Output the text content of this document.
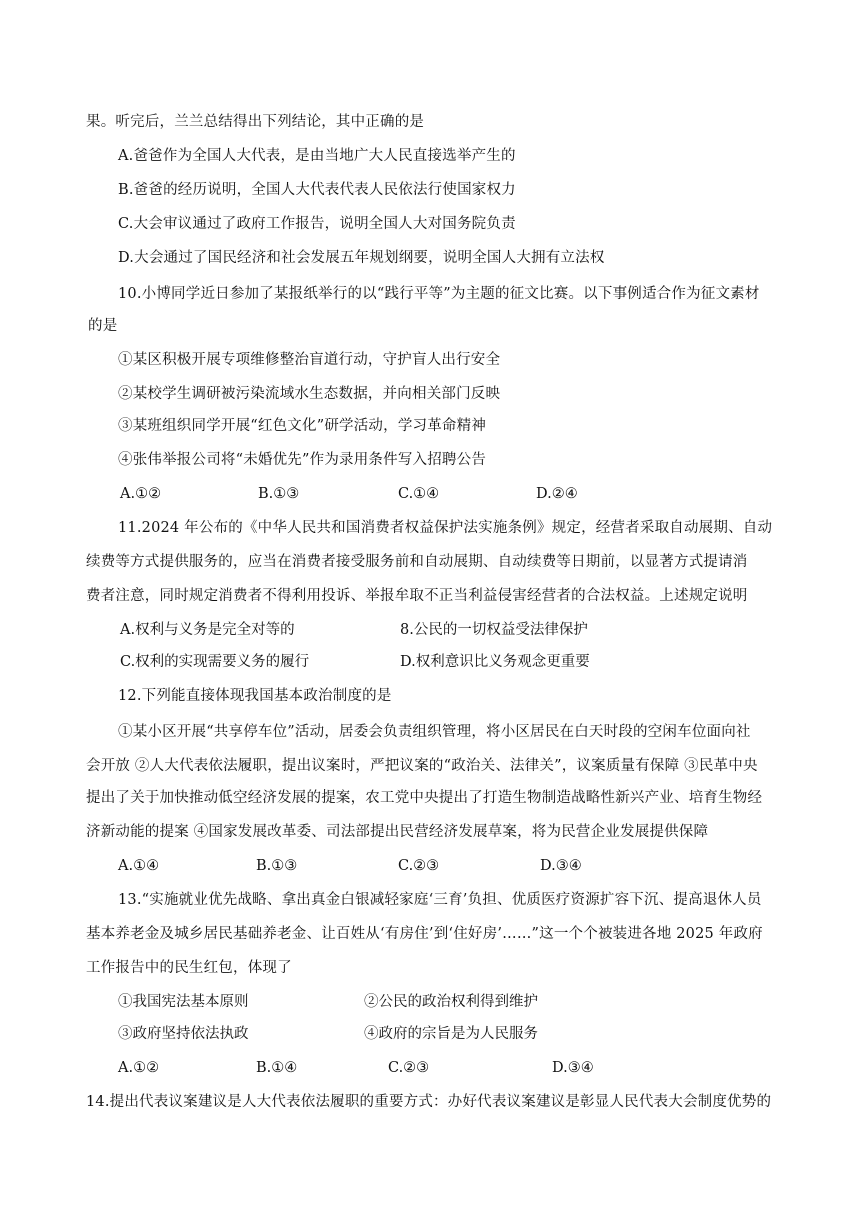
果。听完后，兰兰总结得出下列结论，其中正确的是
A.爸爸作为全国人大代表，是由当地广大人民直接选举产生的
B.爸爸的经历说明，全国人大代表代表人民依法行使国家权力
C.大会审议通过了政府工作报告，说明全国人大对国务院负责
D.大会通过了国民经济和社会发展五年规划纲要，说明全国人大拥有立法权
10.小博同学近日参加了某报纸举行的以“践行平等”为主题的征文比赛。以下事例适合作为征文素材
的是
①某区积极开展专项维修整治盲道行动，守护盲人出行安全
②某校学生调研被污染流域水生态数据，并向相关部门反映
③某班组织同学开展“红色文化”研学活动，学习革命精神
④张伟举报公司将“未婚优先”作为录用条件写入招聘公告
A.①②	B.①③	C.①④	D.②④
11.2024 年公布的《中华人民共和国消费者权益保护法实施条例》规定，经营者采取自动展期、自动
续费等方式提供服务的，应当在消费者接受服务前和自动展期、自动续费等日期前，以显著方式提请消
费者注意，同时规定消费者不得利用投诉、举报牟取不正当利益侵害经营者的合法权益。上述规定说明
A.权利与义务是完全对等的	8.公民的一切权益受法律保护
C.权利的实现需要义务的履行	D.权利意识比义务观念更重要
12.下列能直接体现我国基本政治制度的是
①某小区开展“共享停车位”活动，居委会负责组织管理，将小区居民在白天时段的空闲车位面向社
会开放 ②人大代表依法履职，提出议案时，严把议案的“政治关、法律关”，议案质量有保障 ③民革中央
提出了关于加快推动低空经济发展的提案，农工党中央提出了打造生物制造战略性新兴产业、培育生物经
济新动能的提案 ④国家发展改革委、司法部提出民营经济发展草案，将为民营企业发展提供保障
A.①④	B.①③	C.②③	D.③④
13.“实施就业优先战略、拿出真金白银减轻家庭‘三育’负担、优质医疗资源扩容下沉、提高退休人员
基本养老金及城乡居民基础养老金、让百姓从‘有房住’到‘住好房’……”这一个个被装进各地 2025 年政府
工作报告中的民生红包，体现了
①我国宪法基本原则	②公民的政治权利得到维护
③政府坚持依法执政	④政府的宗旨是为人民服务
A.①②	B.①④	C.②③	D.③④
14.提出代表议案建议是人大代表依法履职的重要方式：办好代表议案建议是彰显人民代表大会制度优势的
